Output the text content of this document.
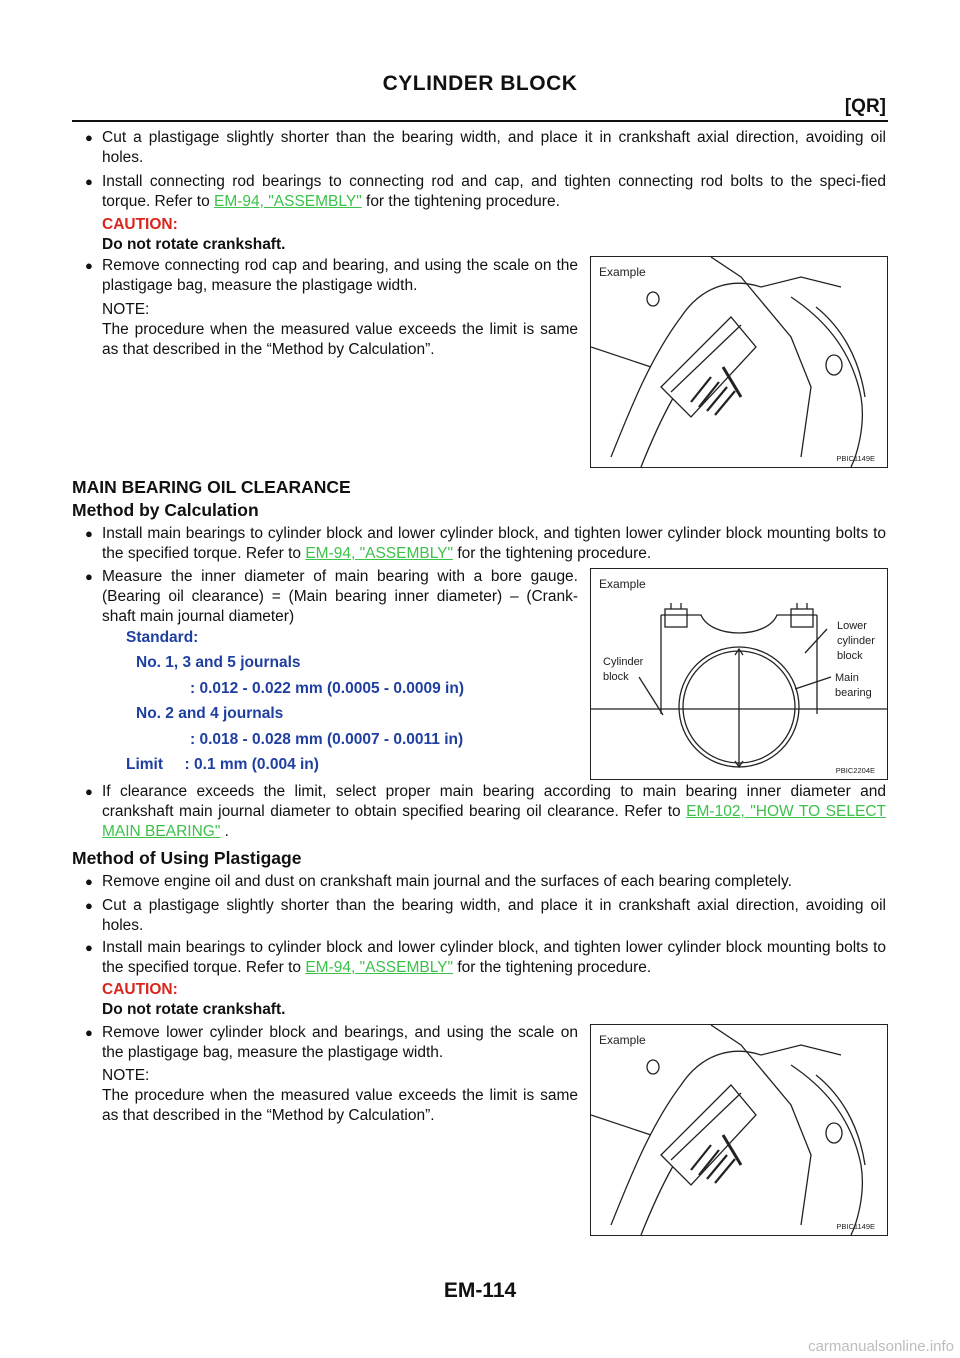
CYLINDER BLOCK
[QR]
● Cut a plastigage slightly shorter than the bearing width, and place it in crankshaft axial direction, avoiding oil holes.
● Install connecting rod bearings to connecting rod and cap, and tighten connecting rod bolts to the speci-fied torque. Refer to EM-94, "ASSEMBLY" for the tightening procedure.
CAUTION:
Do not rotate crankshaft.
● Remove connecting rod cap and bearing, and using the scale on the plastigage bag, measure the plastigage width.
NOTE:
The procedure when the measured value exceeds the limit is same as that described in the “Method by Calculation”.
Example
PBIC1149E
MAIN BEARING OIL CLEARANCE
Method by Calculation
● Install main bearings to cylinder block and lower cylinder block, and tighten lower cylinder block mounting bolts to the specified torque. Refer to EM-94, "ASSEMBLY" for the tightening procedure.
● Measure the inner diameter of main bearing with a bore gauge. (Bearing oil clearance) = (Main bearing inner diameter) – (Crank-shaft main journal diameter)
Standard:
No. 1, 3 and 5 journals
: 0.012 - 0.022 mm (0.0005 - 0.0009 in)
No. 2 and 4 journals
: 0.018 - 0.028 mm (0.0007 - 0.0011 in)
Limit     : 0.1 mm (0.004 in)
Example
Cylinder
block
Lower
cylinder
block
Main
bearing
PBIC2204E
● If clearance exceeds the limit, select proper main bearing according to main bearing inner diameter and crankshaft main journal diameter to obtain specified bearing oil clearance. Refer to EM-102, "HOW TO SELECT MAIN BEARING" .
Method of Using Plastigage
● Remove engine oil and dust on crankshaft main journal and the surfaces of each bearing completely.
● Cut a plastigage slightly shorter than the bearing width, and place it in crankshaft axial direction, avoiding oil holes.
● Install main bearings to cylinder block and lower cylinder block, and tighten lower cylinder block mounting bolts to the specified torque. Refer to EM-94, "ASSEMBLY" for the tightening procedure.
CAUTION:
Do not rotate crankshaft.
● Remove lower cylinder block and bearings, and using the scale on the plastigage bag, measure the plastigage width.
NOTE:
The procedure when the measured value exceeds the limit is same as that described in the “Method by Calculation”.
Example
PBIC1149E
EM-114
carmanualsonline.info
